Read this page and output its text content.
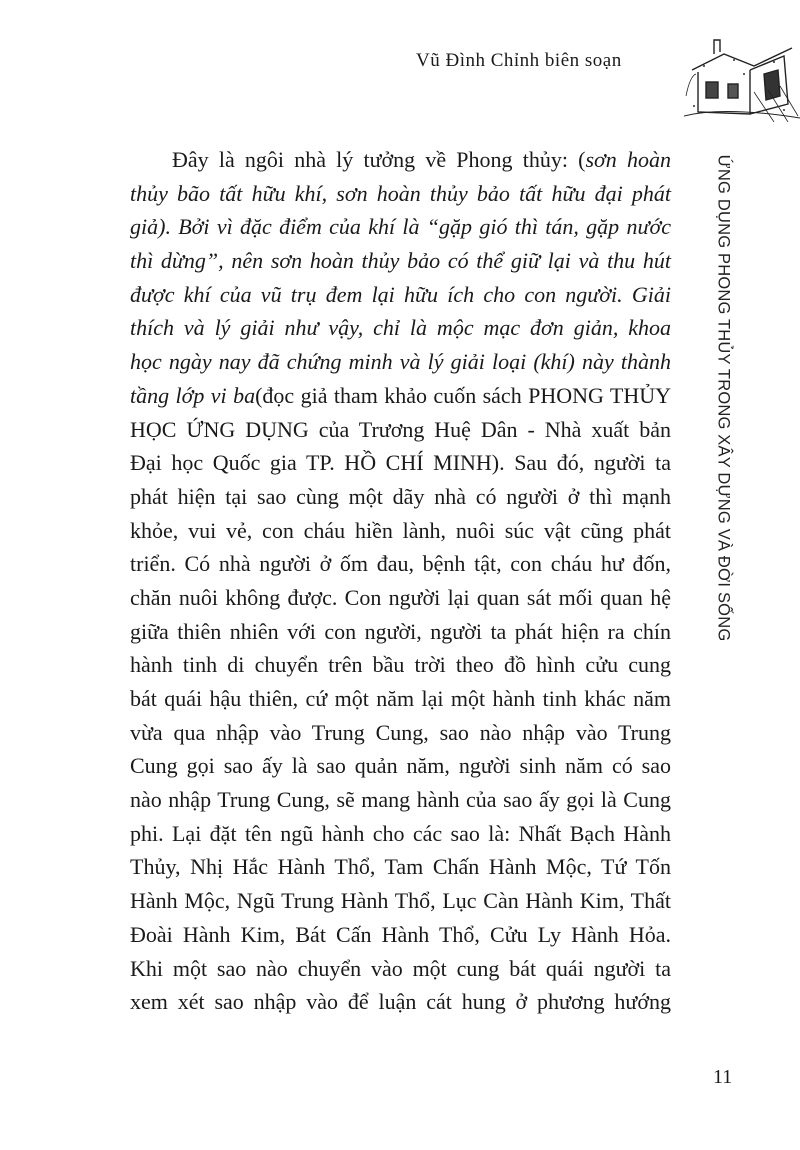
Vũ Đình Chỉnh biên soạn
Đây là ngôi nhà lý tưởng về Phong thủy: (sơn hoàn
thủy bão tất hữu khí, sơn hoàn thủy bảo tất hữu đại phát
giả). Bởi vì đặc điểm của khí là “gặp gió thì tán, gặp nước
thì dừng”, nên sơn hoàn thủy bảo có thể giữ lại và thu hút
được khí của vũ trụ đem lại hữu ích cho con người. Giải
thích và lý giải như vậy, chỉ là mộc mạc đơn giản, khoa
học ngày nay đã chứng minh và lý giải loại (khí) này thành
tầng lớp vi ba(đọc giả tham khảo cuốn sách PHONG THỦY
HỌC ỨNG DỤNG của Trương Huệ Dân - Nhà xuất bản
Đại học Quốc gia TP. HỒ CHÍ MINH). Sau đó, người ta
phát hiện tại sao cùng một dãy nhà có người ở thì mạnh
khỏe, vui vẻ, con cháu hiền lành, nuôi súc vật cũng phát
triển. Có nhà người ở ốm đau, bệnh tật, con cháu hư đốn,
chăn nuôi không được. Con người lại quan sát mối quan hệ
giữa thiên nhiên với con người, người ta phát hiện ra chín
hành tinh di chuyển trên bầu trời theo đồ hình cửu cung
bát quái hậu thiên, cứ một năm lại một hành tinh khác năm
vừa qua nhập vào Trung Cung, sao nào nhập vào Trung
Cung gọi sao ấy là sao quản năm, người sinh năm có sao
nào nhập Trung Cung, sẽ mang hành của sao ấy gọi là Cung
phi. Lại đặt tên ngũ hành cho các sao là: Nhất Bạch Hành
Thủy, Nhị Hắc Hành Thổ, Tam Chấn Hành Mộc, Tứ Tốn
Hành Mộc, Ngũ Trung Hành Thổ, Lục Càn Hành Kim, Thất
Đoài Hành Kim, Bát Cấn Hành Thổ, Cửu Ly Hành Hỏa.
Khi một sao nào chuyển vào một cung bát quái người ta
xem xét sao nhập vào để luận cát hung ở phương hướng
ỨNG DỤNG PHONG THỦY TRONG XÂY DỰNG VÀ ĐỜI SỐNG
11
